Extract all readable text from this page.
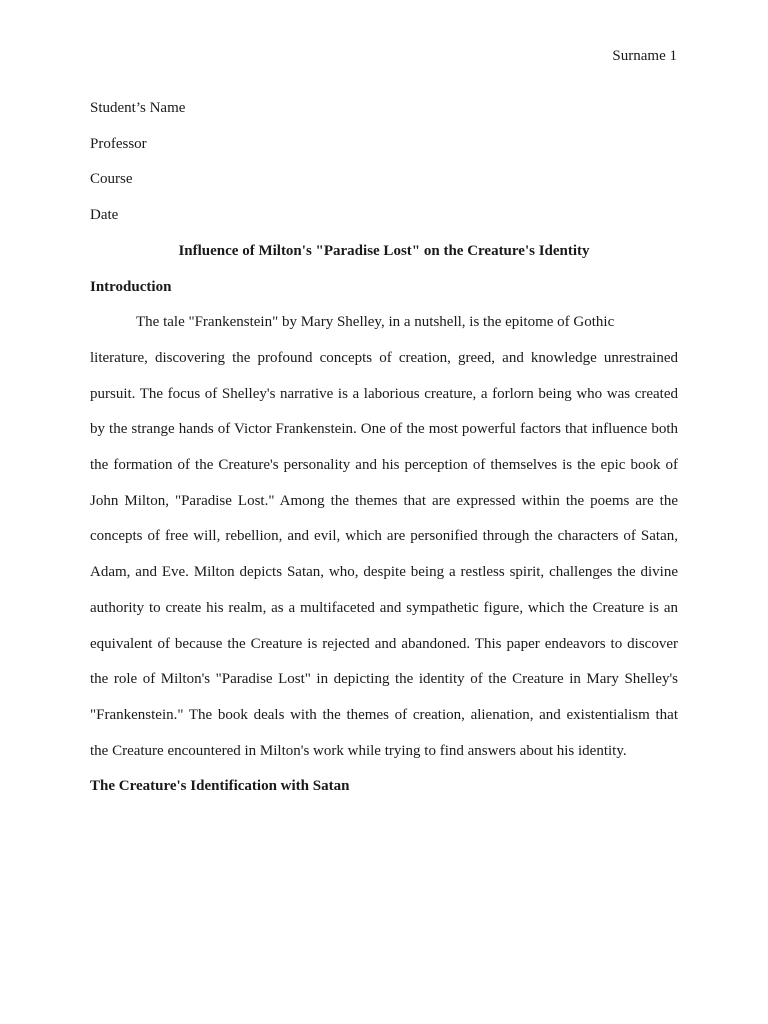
Surname 1

Student’s Name

Professor

Course

Date

Influence of Milton's "Paradise Lost" on the Creature's Identity

Introduction

The tale "Frankenstein" by Mary Shelley, in a nutshell, is the epitome of Gothic
literature, discovering the profound concepts of creation, greed, and knowledge unrestrained
pursuit. The focus of Shelley's narrative is a laborious creature, a forlorn being who was created
by the strange hands of Victor Frankenstein. One of the most powerful factors that influence both
the formation of the Creature's personality and his perception of themselves is the epic book of
John Milton, "Paradise Lost." Among the themes that are expressed within the poems are the
concepts of free will, rebellion, and evil, which are personified through the characters of Satan,
Adam, and Eve. Milton depicts Satan, who, despite being a restless spirit, challenges the divine
authority to create his realm, as a multifaceted and sympathetic figure, which the Creature is an
equivalent of because the Creature is rejected and abandoned. This paper endeavors to discover
the role of Milton's "Paradise Lost" in depicting the identity of the Creature in Mary Shelley's
"Frankenstein." The book deals with the themes of creation, alienation, and existentialism that
the Creature encountered in Milton's work while trying to find answers about his identity.

The Creature's Identification with Satan
